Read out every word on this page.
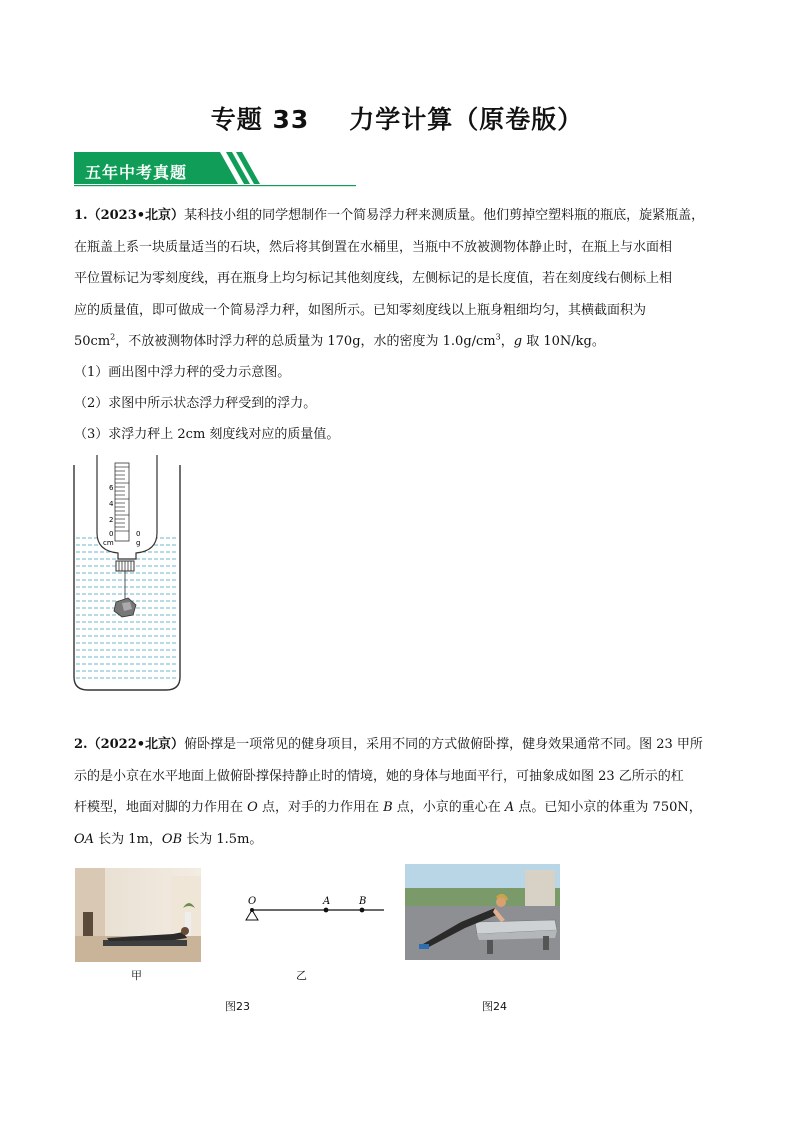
专题 33 力学计算（原卷版）
五年中考真题

1.（2023•北京）某科技小组的同学想制作一个简易浮力秤来测质量。他们剪掉空塑料瓶的瓶底，旋紧瓶盖，

在瓶盖上系一块质量适当的石块，然后将其倒置在水桶里，当瓶中不放被测物体静止时，在瓶上与水面相

平位置标记为零刻度线，再在瓶身上均匀标记其他刻度线，左侧标记的是长度值，若在刻度线右侧标上相

应的质量值，即可做成一个简易浮力秤，如图所示。已知零刻度线以上瓶身粗细均匀，其横截面积为

$50cm^2$，不放被测物体时浮力秤的总质量为 170g，水的密度为 $1.0g/cm^3$，g 取 10N/kg。

（1）画出图中浮力秤的受力示意图。
（2）求图中所示状态浮力秤受到的浮力。
（3）求浮力秤上 2cm 刻度线对应的质量值。
6
4
2
0
cm
0
g

2.（2022•北京）俯卧撑是一项常见的健身项目，采用不同的方式做俯卧撑，健身效果通常不同。图 23 甲所

示的是小京在水平地面上做俯卧撑保持静止时的情境，她的身体与地面平行，可抽象成如图 23 乙所示的杠

杆模型，地面对脚的力作用在 O 点，对手的力作用在 B 点，小京的重心在 A 点。已知小京的体重为 750N，

OA 长为 1m，OB 长为 1.5m。

甲
O	A	B
乙
图23	图24
